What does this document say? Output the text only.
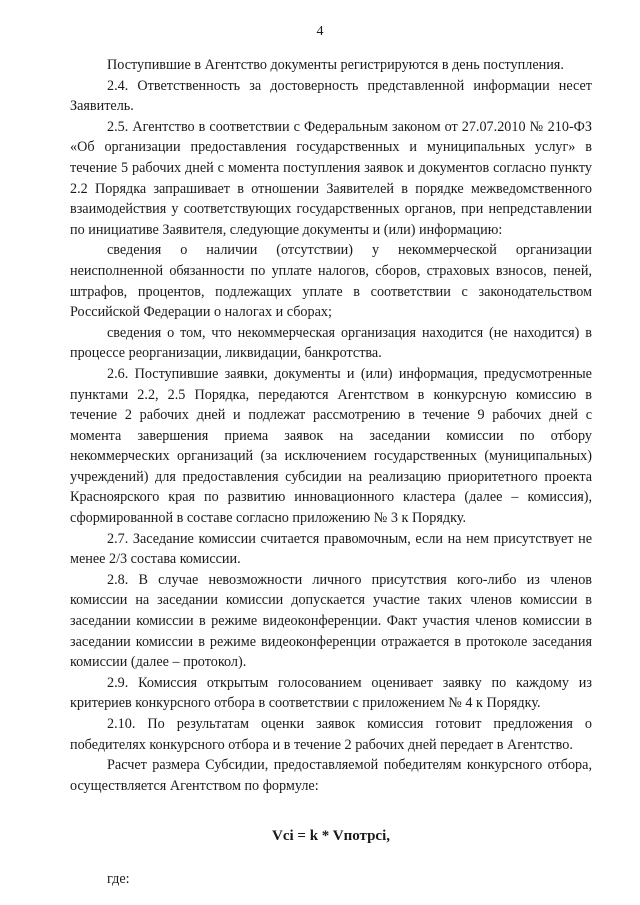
4

Поступившие в Агентство документы регистрируются в день поступления.

2.4. Ответственность за достоверность представленной информации несет Заявитель.

2.5. Агентство в соответствии с Федеральным законом от 27.07.2010 № 210-ФЗ «Об организации предоставления государственных и муниципальных услуг» в течение 5 рабочих дней с момента поступления заявок и документов согласно пункту 2.2 Порядка запрашивает в отношении Заявителей в порядке межведомственного взаимодействия у соответствующих государственных органов, при непредставлении по инициативе Заявителя, следующие документы и (или) информацию:

сведения о наличии (отсутствии) у некоммерческой организации неисполненной обязанности по уплате налогов, сборов, страховых взносов, пеней, штрафов, процентов, подлежащих уплате в соответствии с законодательством Российской Федерации о налогах и сборах;

сведения о том, что некоммерческая организация находится (не находится) в процессе реорганизации, ликвидации, банкротства.

2.6. Поступившие заявки, документы и (или) информация, предусмотренные пунктами 2.2, 2.5 Порядка, передаются Агентством в конкурсную комиссию в течение 2 рабочих дней и подлежат рассмотрению в течение 9 рабочих дней с момента завершения приема заявок на заседании комиссии по отбору некоммерческих организаций (за исключением государственных (муниципальных) учреждений) для предоставления субсидии на реализацию приоритетного проекта Красноярского края по развитию инновационного кластера (далее – комиссия), сформированной в составе согласно приложению № 3 к Порядку.

2.7. Заседание комиссии считается правомочным, если на нем присутствует не менее 2/3 состава комиссии.

2.8. В случае невозможности личного присутствия кого-либо из членов комиссии на заседании комиссии допускается участие таких членов комиссии в заседании комиссии в режиме видеоконференции. Факт участия членов комиссии в заседании комиссии в режиме видеоконференции отражается в протоколе заседания комиссии (далее – протокол).

2.9. Комиссия открытым голосованием оценивает заявку по каждому из критериев конкурсного отбора в соответствии с приложением № 4 к Порядку.

2.10. По результатам оценки заявок комиссия готовит предложения о победителях конкурсного отбора и в течение 2 рабочих дней передает в Агентство.

Расчет размера Субсидии, предоставляемой победителям конкурсного отбора, осуществляется Агентством по формуле:

Vci = k * Vпотрci,
где:
